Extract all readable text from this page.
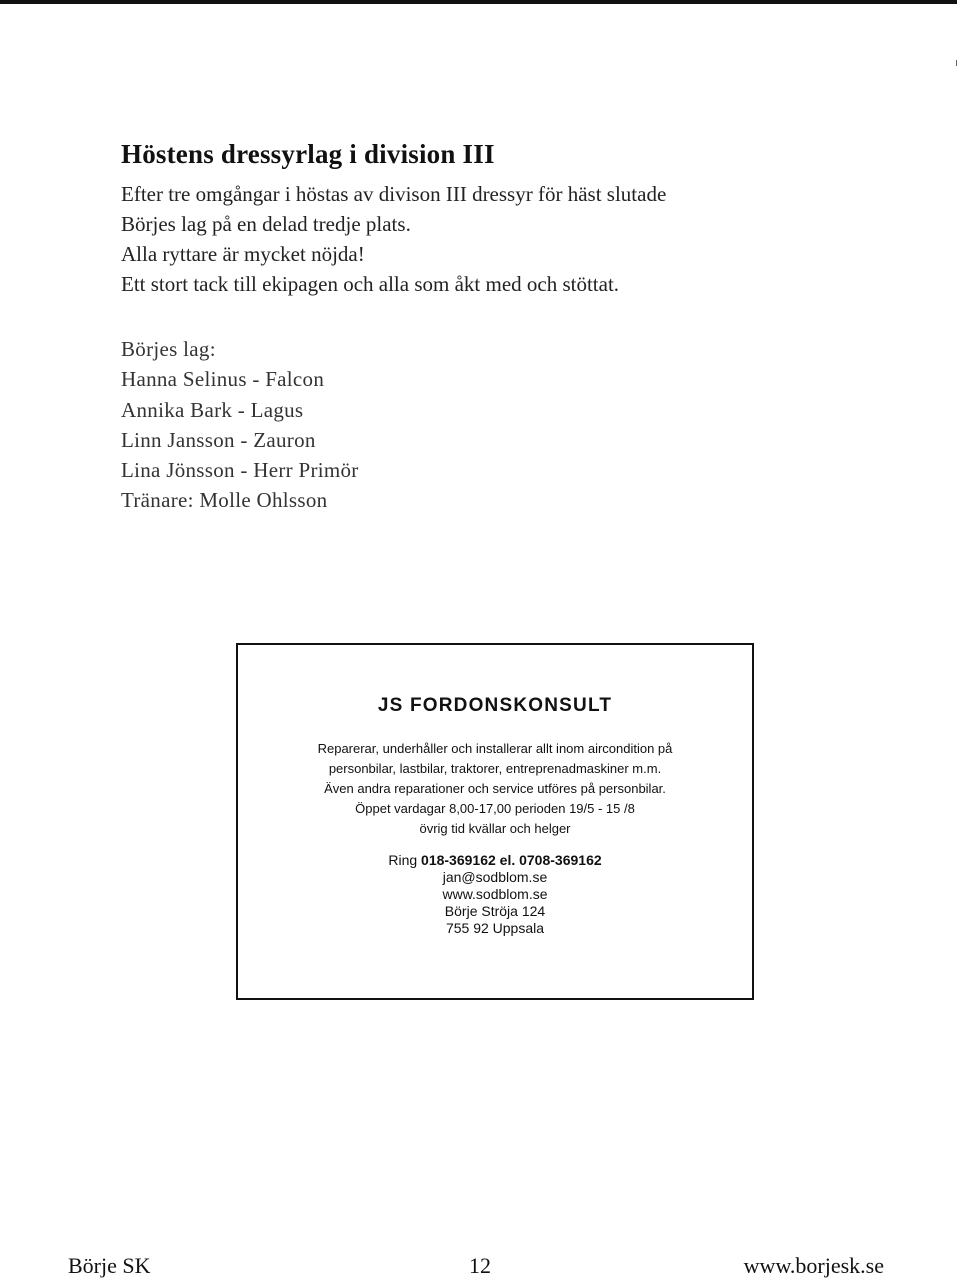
Höstens dressyrlag i division III
Efter tre omgångar i höstas av divison III dressyr för häst slutade
Börjes lag på en delad tredje plats.
Alla ryttare är mycket nöjda!
Ett stort tack till ekipagen och alla som åkt med och stöttat.
Börjes lag:
Hanna Selinus - Falcon
Annika Bark - Lagus
Linn Jansson - Zauron
Lina Jönsson - Herr Primör
Tränare: Molle Ohlsson
JS FORDONSKONSULT
Reparerar, underhåller och installerar allt inom aircondition på
personbilar, lastbilar, traktorer, entreprenadmaskiner m.m.
Även andra reparationer och service utföres på personbilar.
Öppet vardagar 8,00-17,00 perioden 19/5 - 15 /8
övrig tid kvällar och helger
Ring 018-369162 el. 0708-369162
jan@sodblom.se
www.sodblom.se
Börje Ströja 124
755 92 Uppsala
Börje SK	12	www.borjesk.se
